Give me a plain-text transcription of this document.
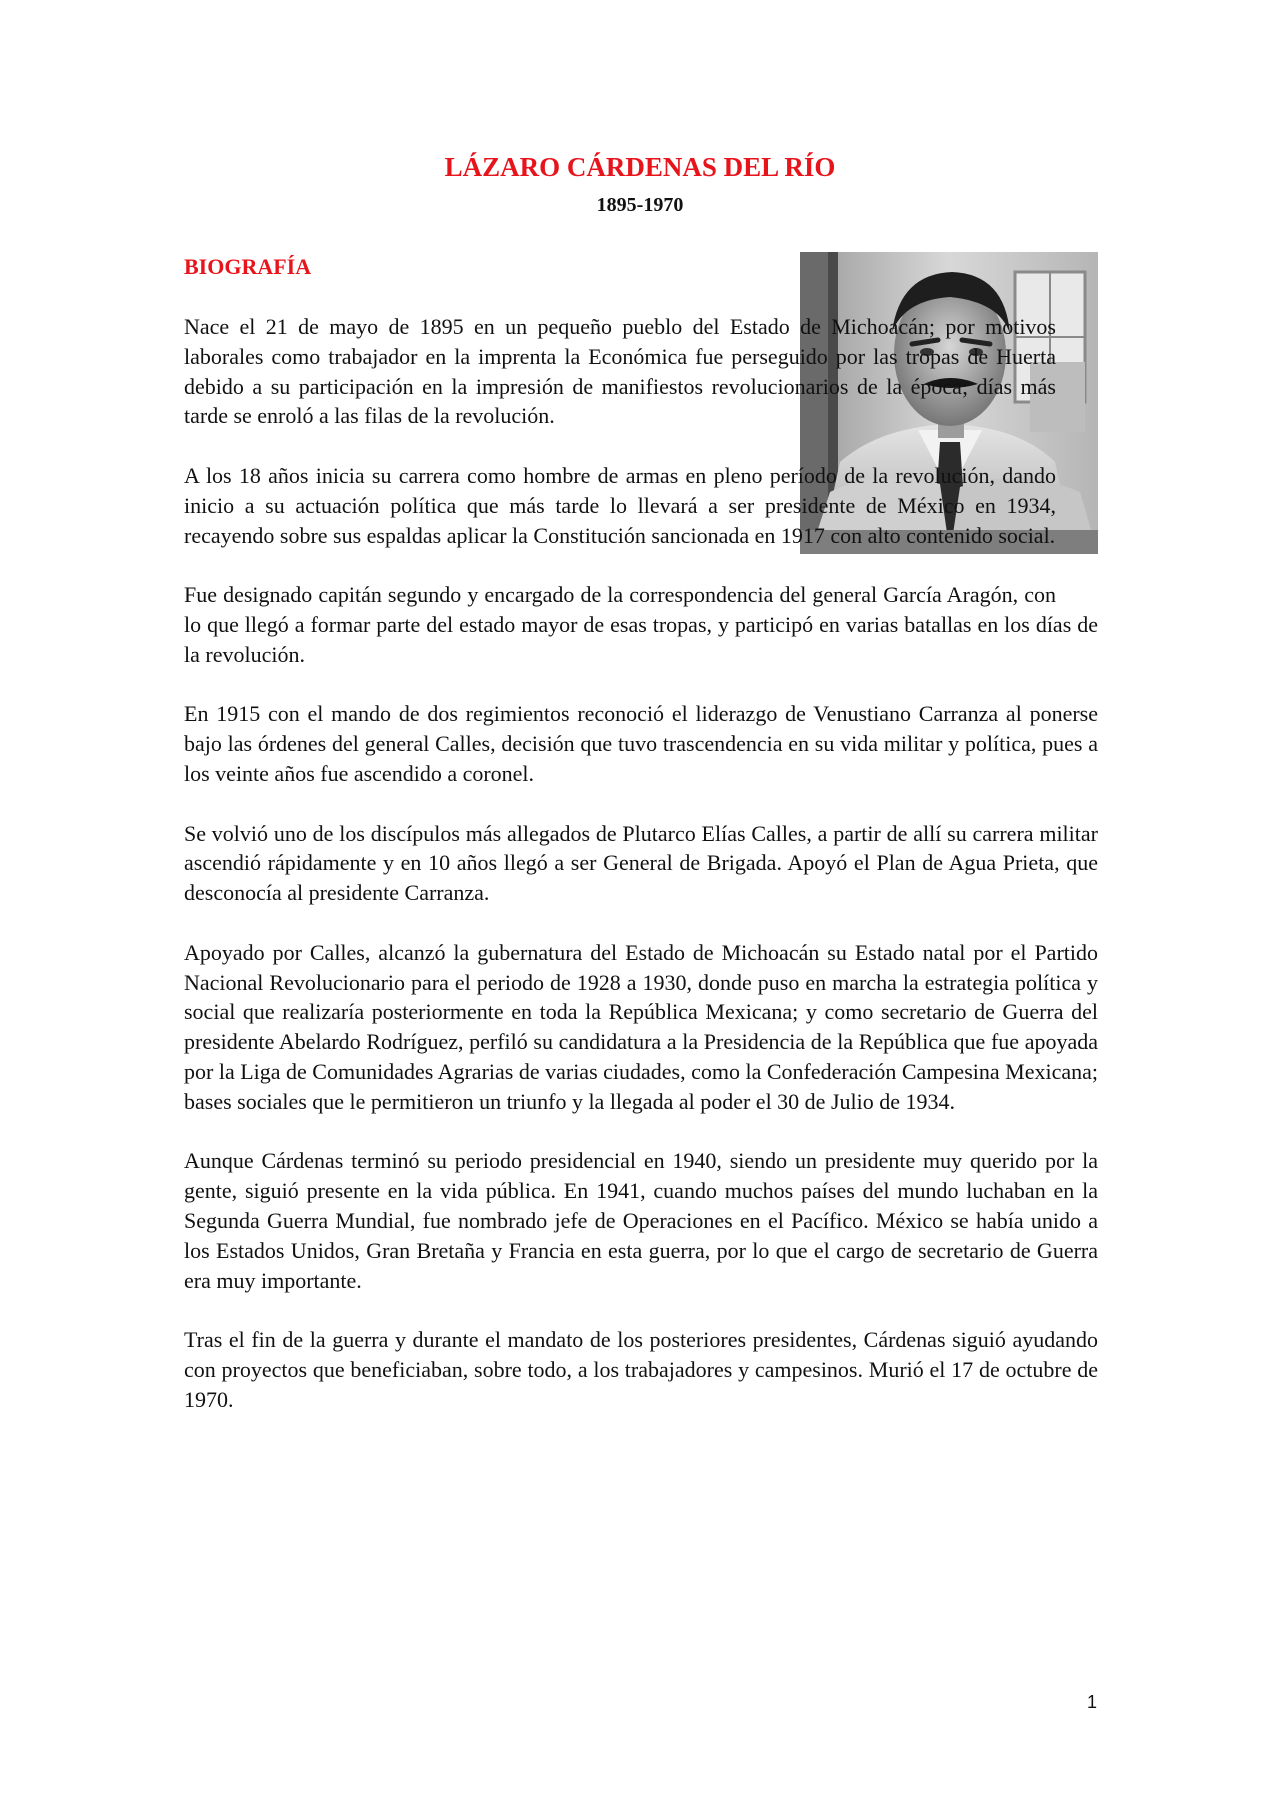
LÁZARO CÁRDENAS DEL RÍO
1895-1970
BIOGRAFÍA

Nace el 21 de mayo de 1895 en un pequeño pueblo del Estado de Michoacán; por motivos laborales como trabajador en la imprenta la Económica fue perseguido por las tropas de Huerta debido a su participación en la impresión de manifiestos revolucionarios de la época; días más tarde se enroló a las filas de la revolución.

A los 18 años inicia su carrera como hombre de armas en pleno período de la revolución, dando inicio a su actuación política que más tarde lo llevará a ser presidente de México en 1934, recayendo sobre sus espaldas aplicar la Constitución sancionada en 1917 con alto contenido social.

Fue designado capitán segundo y encargado de la correspondencia del general García Aragón, con lo que llegó a formar parte del estado mayor de esas tropas, y participó en varias batallas en los días de la revolución.

En 1915 con el mando de dos regimientos reconoció el liderazgo de Venustiano Carranza al ponerse bajo las órdenes del general Calles, decisión que tuvo trascendencia en su vida militar y política, pues a los veinte años fue ascendido a coronel.

Se volvió uno de los discípulos más allegados de Plutarco Elías Calles, a partir de allí su carrera militar ascendió rápidamente y en 10 años llegó a ser General de Brigada. Apoyó el Plan de Agua Prieta, que desconocía al presidente Carranza.

Apoyado por Calles, alcanzó la gubernatura del Estado de Michoacán su Estado natal por el Partido Nacional Revolucionario para el periodo de 1928 a 1930, donde puso en marcha la estrategia política y social que realizaría posteriormente en toda la República Mexicana; y como secretario de Guerra del presidente Abelardo Rodríguez, perfiló su candidatura a la Presidencia de la República que fue apoyada por la Liga de Comunidades Agrarias de varias ciudades, como la Confederación Campesina Mexicana; bases sociales que le permitieron un triunfo y la llegada al poder el 30 de Julio de 1934.

Aunque Cárdenas terminó su periodo presidencial en 1940, siendo un presidente muy querido por la gente, siguió presente en la vida pública. En 1941, cuando muchos países del mundo luchaban en la Segunda Guerra Mundial, fue nombrado jefe de Operaciones en el Pacífico. México se había unido a los Estados Unidos, Gran Bretaña y Francia en esta guerra, por lo que el cargo de secretario de Guerra era muy importante.

Tras el fin de la guerra y durante el mandato de los posteriores presidentes, Cárdenas siguió ayudando con proyectos que beneficiaban, sobre todo, a los trabajadores y campesinos. Murió el 17 de octubre de 1970.

1
